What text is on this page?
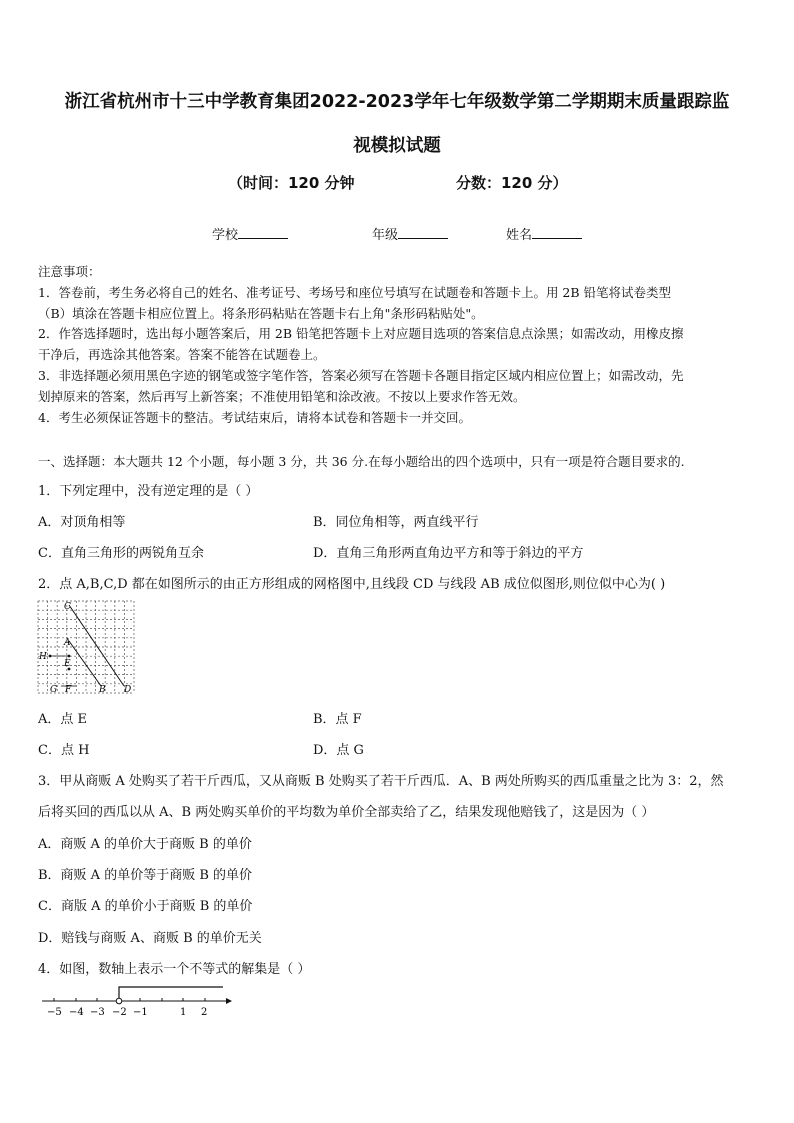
浙江省杭州市十三中学教育集团2022-2023学年七年级数学第二学期期末质量跟踪监
视模拟试题
（时间：120 分钟	分数：120 分）
学校	年级	姓名
注意事项：
1．答卷前，考生务必将自己的姓名、准考证号、考场号和座位号填写在试题卷和答题卡上。用 2B 铅笔将试卷类型
（B）填涂在答题卡相应位置上。将条形码粘贴在答题卡右上角"条形码粘贴处"。
2．作答选择题时，选出每小题答案后，用 2B 铅笔把答题卡上对应题目选项的答案信息点涂黑；如需改动，用橡皮擦
干净后，再选涂其他答案。答案不能答在试题卷上。
3．非选择题必须用黑色字迹的钢笔或签字笔作答，答案必须写在答题卡各题目指定区域内相应位置上；如需改动，先
划掉原来的答案，然后再写上新答案；不准使用铅笔和涂改液。不按以上要求作答无效。
4．考生必须保证答题卡的整洁。考试结束后，请将本试卷和答题卡一并交回。
一、选择题：本大题共 12 个小题，每小题 3 分，共 36 分.在每小题给出的四个选项中，只有一项是符合题目要求的.
1．下列定理中，没有逆定理的是（ ）
A．对顶角相等	B．同位角相等，两直线平行
C．直角三角形的两锐角互余	D．直角三角形两直角边平方和等于斜边的平方
2．点 A,B,C,D 都在如图所示的由正方形组成的网格图中,且线段 CD 与线段 AB 成位似图形,则位似中心为( )
C
A
E
H
G F	B D
A．点 E	B．点 F
C．点 H	D．点 G
3．甲从商贩 A 处购买了若干斤西瓜，又从商贩 B 处购买了若干斤西瓜．A、B 两处所购买的西瓜重量之比为 3：2，然
后将买回的西瓜以从 A、B 两处购买单价的平均数为单价全部卖给了乙，结果发现他赔钱了，这是因为（ ）
A．商贩 A 的单价大于商贩 B 的单价
B．商贩 A 的单价等于商贩 B 的单价
C．商版 A 的单价小于商贩 B 的单价
D．赔钱与商贩 A、商贩 B 的单价无关
4．如图，数轴上表示一个不等式的解集是（ ）
−5 −4 −3 −2 −1	1 2
